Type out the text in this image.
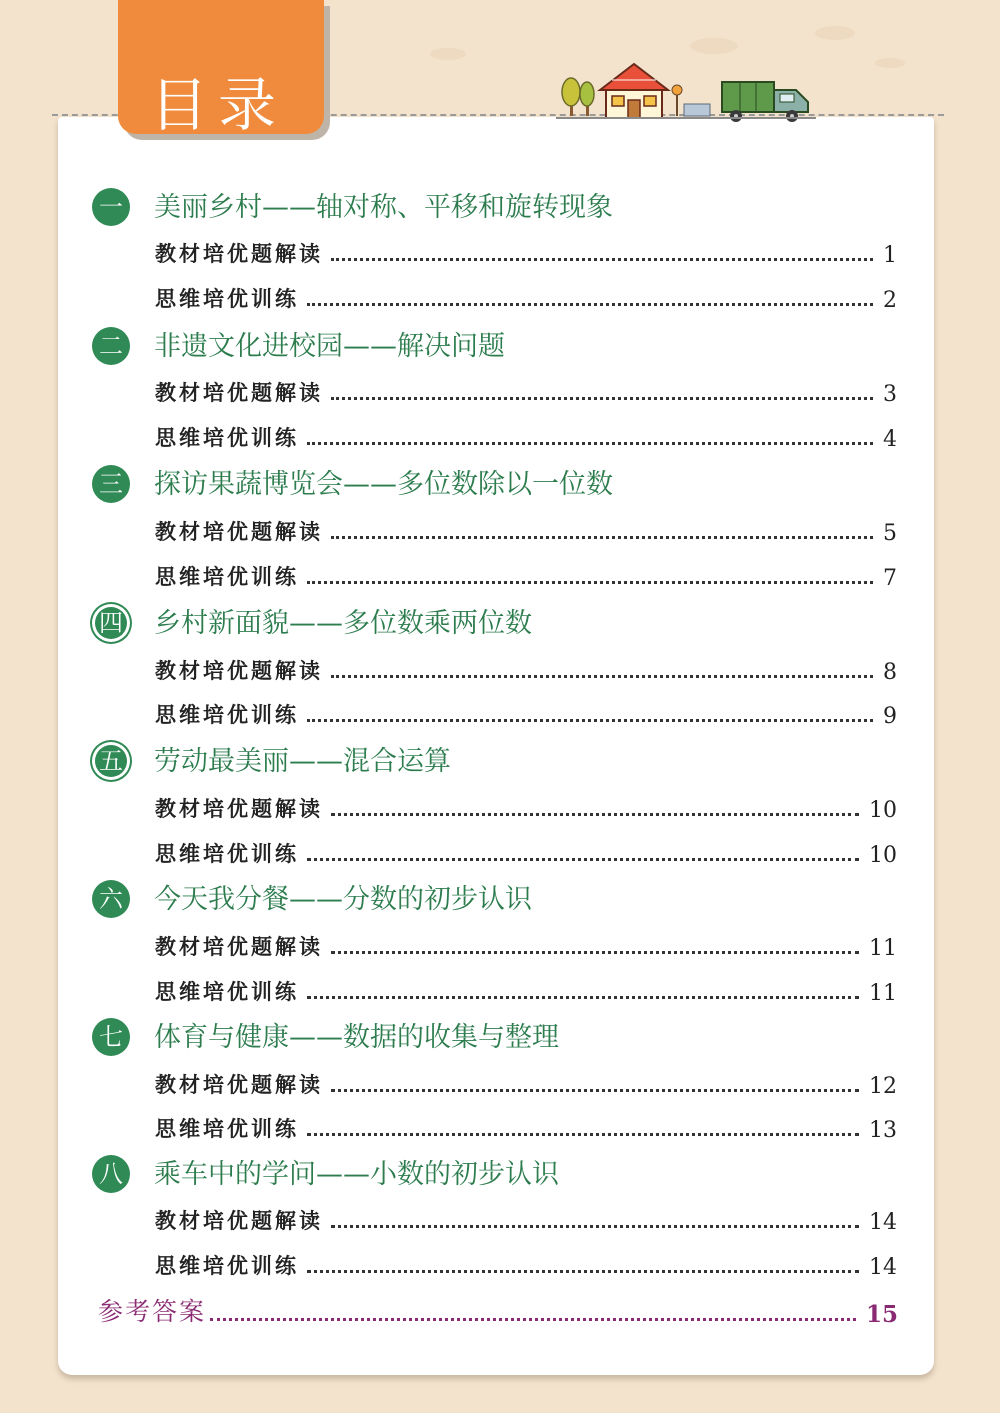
目录
一 美丽乡村——轴对称、平移和旋转现象
教材培优题解读	1
思维培优训练	2
二 非遗文化进校园——解决问题
教材培优题解读	3
思维培优训练	4
三 探访果蔬博览会——多位数除以一位数
教材培优题解读	5
思维培优训练	7
四 乡村新面貌——多位数乘两位数
教材培优题解读	8
思维培优训练	9
五 劳动最美丽——混合运算
教材培优题解读	10
思维培优训练	10
六 今天我分餐——分数的初步认识
教材培优题解读	11
思维培优训练	11
七 体育与健康——数据的收集与整理
教材培优题解读	12
思维培优训练	13
八 乘车中的学问——小数的初步认识
教材培优题解读	14
思维培优训练	14
参考答案	15
